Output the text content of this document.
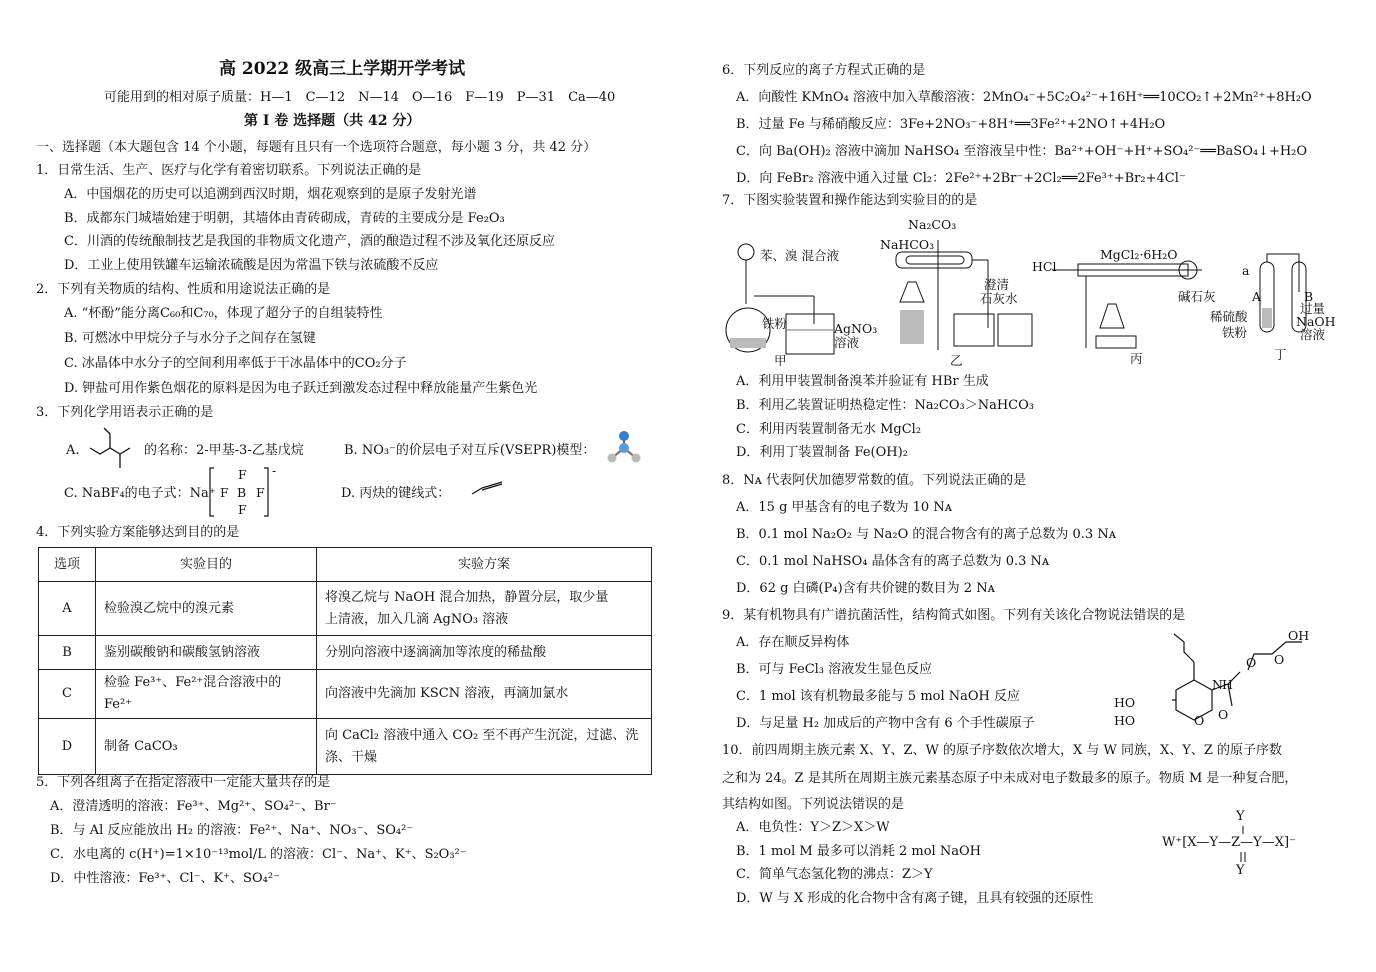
高 2022 级高三上学期开学考试
可能用到的相对原子质量：H—1　C—12　N—14　O—16　F—19　P—31　Ca—40
第 Ⅰ 卷 选择题（共 42 分）
一、选择题（本大题包含 14 个小题，每题有且只有一个选项符合题意，每小题 3 分，共 42 分）
1．日常生活、生产、医疗与化学有着密切联系。下列说法正确的是
A．中国烟花的历史可以追溯到西汉时期，烟花观察到的是原子发射光谱
B．成都东门城墙始建于明朝，其墙体由青砖砌成，青砖的主要成分是 Fe₂O₃
C．川酒的传统酿制技艺是我国的非物质文化遗产，酒的酿造过程不涉及氧化还原反应
D．工业上使用铁罐车运输浓硫酸是因为常温下铁与浓硫酸不反应
2．下列有关物质的结构、性质和用途说法正确的是
A. “杯酚”能分离C₆₀和C₇₀，体现了超分子的自组装特性
B. 可燃冰中甲烷分子与水分子之间存在氢键
C. 冰晶体中水分子的空间利用率低于干冰晶体中的CO₂分子
D. 钾盐可用作紫色烟花的原料是因为电子跃迁到激发态过程中释放能量产生紫色光
3．下列化学用语表示正确的是
A.	的名称：2-甲基-3-乙基戊烷	B. NO₃⁻的价层电子对互斥(VSEPR)模型：
C. NaBF₄的电子式：Na⁺
F
F B F
F
-
D. 丙炔的键线式：
4．下列实验方案能够达到目的的是
选项	实验目的	实验方案
A	检验溴乙烷中的溴元素	将溴乙烷与 NaOH 混合加热，静置分层，取少量
上清液，加入几滴 AgNO₃ 溶液

B	鉴别碳酸钠和碳酸氢钠溶液	分别向溶液中逐滴滴加等浓度的稀盐酸
C	检验 Fe³⁺、Fe²⁺混合溶液中的 Fe²⁺	向溶液中先滴加 KSCN 溶液，再滴加氯水
D	制备 CaCO₃	向 CaCl₂ 溶液中通入 CO₂ 至不再产生沉淀，过滤、洗
涤、干燥
5．下列各组离子在指定溶液中一定能大量共存的是
A．澄清透明的溶液：Fe³⁺、Mg²⁺、SO₄²⁻、Br⁻
B．与 Al 反应能放出 H₂ 的溶液：Fe²⁺、Na⁺、NO₃⁻、SO₄²⁻
C．水电离的 c(H⁺)=1×10⁻¹³mol/L 的溶液：Cl⁻、Na⁺、K⁺、S₂O₃²⁻
D．中性溶液：Fe³⁺、Cl⁻、K⁺、SO₄²⁻
6．下列反应的离子方程式正确的是
A．向酸性 KMnO₄ 溶液中加入草酸溶液：2MnO₄⁻+5C₂O₄²⁻+16H⁺══10CO₂↑+2Mn²⁺+8H₂O
B．过量 Fe 与稀硝酸反应：3Fe+2NO₃⁻+8H⁺══3Fe²⁺+2NO↑+4H₂O
C．向 Ba(OH)₂ 溶液中滴加 NaHSO₄ 至溶液呈中性：Ba²⁺+OH⁻+H⁺+SO₄²⁻══BaSO₄↓+H₂O
D．向 FeBr₂ 溶液中通入过量 Cl₂：2Fe²⁺+2Br⁻+2Cl₂══2Fe³⁺+Br₂+4Cl⁻
7．下图实验装置和操作能达到实验目的的是
苯、溴 混合液
铁粉	AgNO₃
溶液
甲
Na₂CO₃
NaHCO₃
澄清
石灰水
乙
HCl
MgCl₂·6H₂O
碱石灰
丙
a
A	B
稀硫酸
铁粉
过量
NaOH
溶液
丁
A．利用甲装置制备溴苯并验证有 HBr 生成
B．利用乙装置证明热稳定性：Na₂CO₃＞NaHCO₃
C．利用丙装置制备无水 MgCl₂
D．利用丁装置制备 Fe(OH)₂
8．Nᴀ 代表阿伏加德罗常数的值。下列说法正确的是
A．15 g 甲基含有的电子数为 10 Nᴀ
B．0.1 mol Na₂O₂ 与 Na₂O 的混合物含有的离子总数为 0.3 Nᴀ
C．0.1 mol NaHSO₄ 晶体含有的离子总数为 0.3 Nᴀ
D．62 g 白磷(P₄)含有共价键的数目为 2 Nᴀ
9．某有机物具有广谱抗菌活性，结构简式如图。下列有关该化合物说法错误的是
A．存在顺反异构体
B．可与 FeCl₃ 溶液发生显色反应
C．1 mol 该有机物最多能与 5 mol NaOH 反应
D．与足量 H₂ 加成后的产物中含有 6 个手性碳原子
OH
O
O
H
N
HO
HO	O O
10．前四周期主族元素 X、Y、Z、W 的原子序数依次增大，X 与 W 同族，X、Y、Z 的原子序数
之和为 24。Z 是其所在周期主族元素基态原子中未成对电子数最多的原子。物质 M 是一种复合肥，
其结构如图。下列说法错误的是
A．电负性：Y＞Z＞X＞W
B．1 mol M 最多可以消耗 2 mol NaOH
C．简单气态氢化物的沸点：Z＞Y
D．W 与 X 形成的化合物中含有离子键，且具有较强的还原性
Y
W⁺[X—Y—Z—Y—X]⁻
Y
